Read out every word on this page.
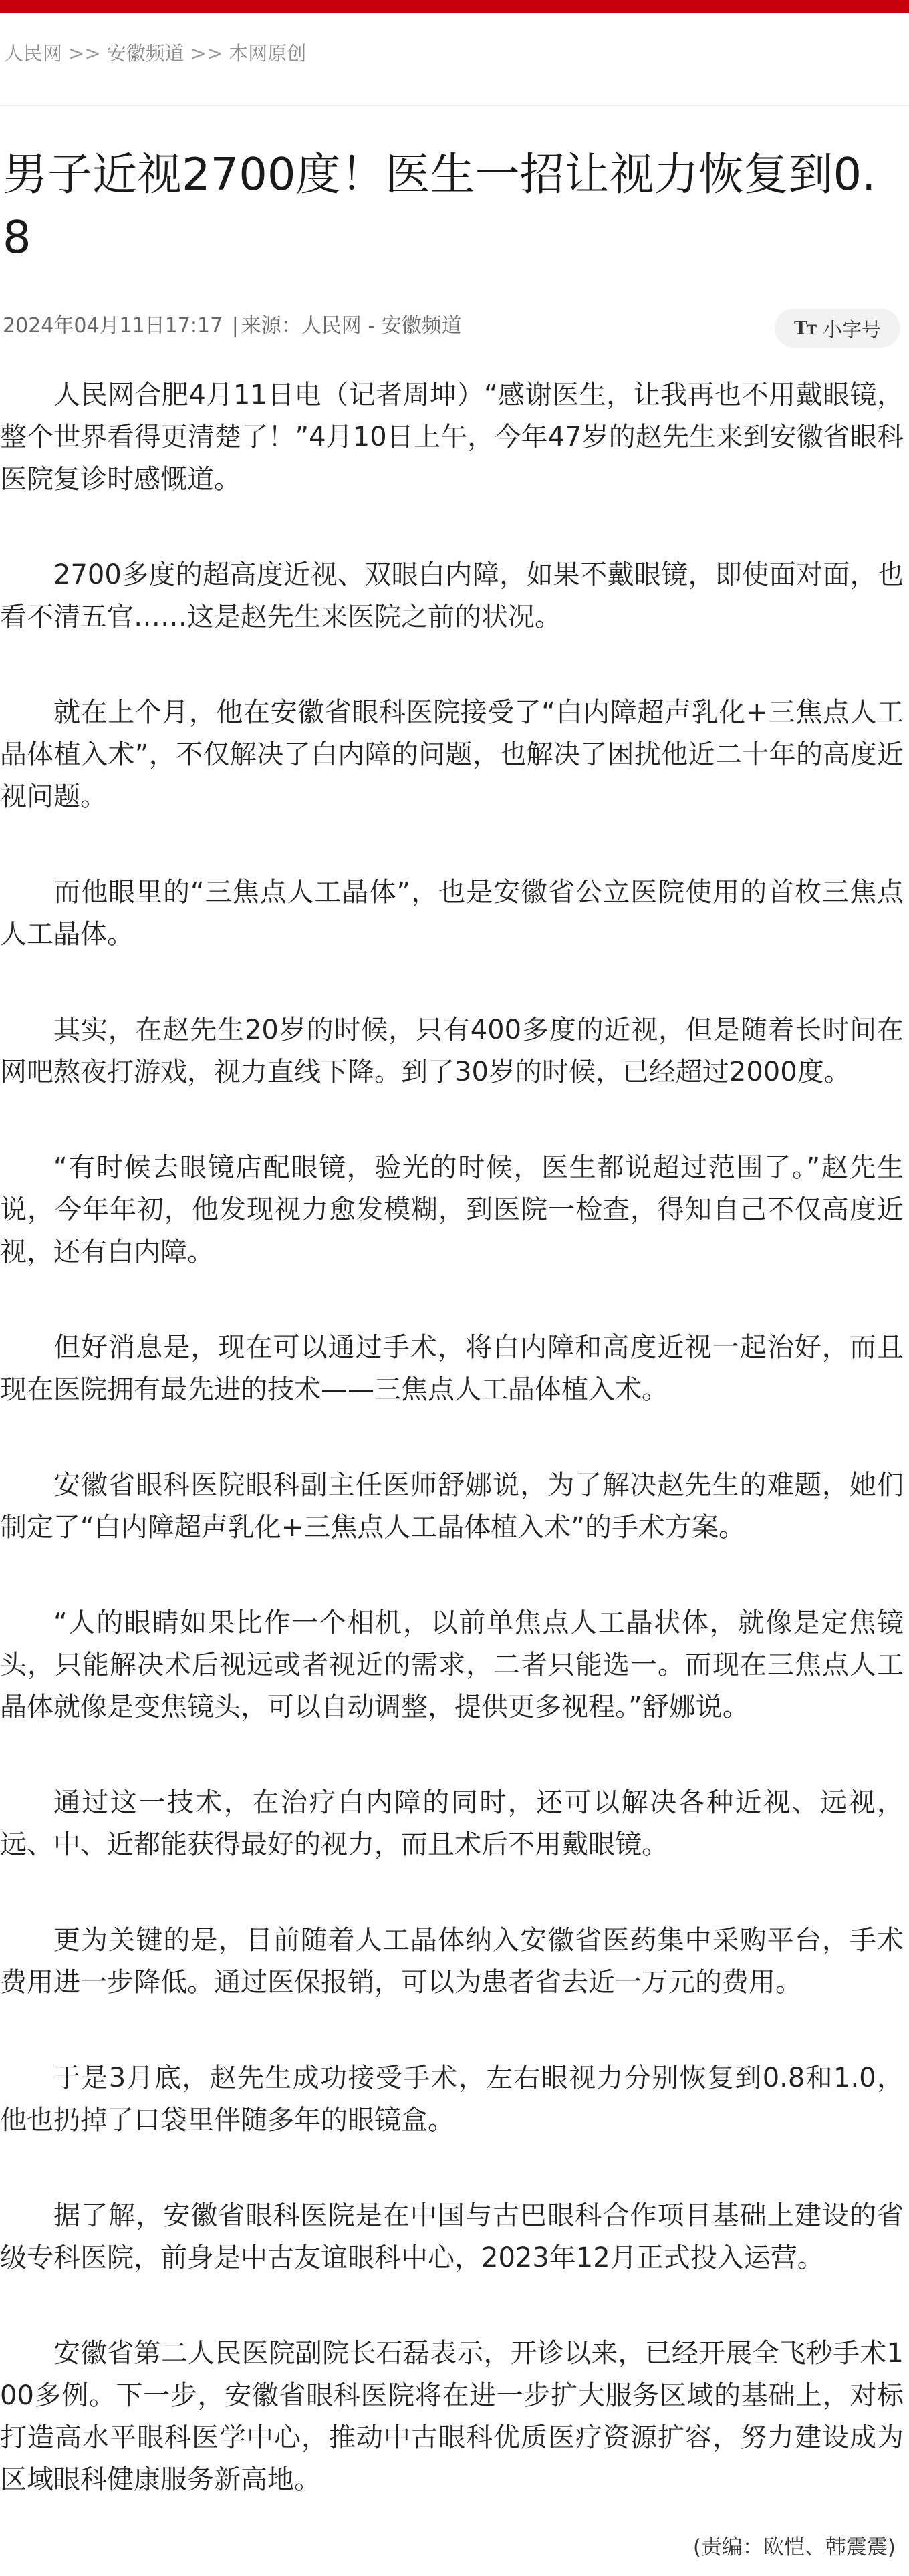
人民网 >> 安徽频道 >> 本网原创
男子近视2700度！医生一招让视力恢复到0.8
2024年04月11日17:17 | 来源：人民网 - 安徽频道	TT 小字号

人民网合肥4月11日电（记者周坤）“感谢医生，让我再也不用戴眼镜，整个世界看得更清楚了！”4月10日上午，今年47岁的赵先生来到安徽省眼科医院复诊时感慨道。

2700多度的超高度近视、双眼白内障，如果不戴眼镜，即使面对面，也看不清五官……这是赵先生来医院之前的状况。

就在上个月，他在安徽省眼科医院接受了“白内障超声乳化+三焦点人工晶体植入术”，不仅解决了白内障的问题，也解决了困扰他近二十年的高度近视问题。

而他眼里的“三焦点人工晶体”，也是安徽省公立医院使用的首枚三焦点人工晶体。

其实，在赵先生20岁的时候，只有400多度的近视，但是随着长时间在网吧熬夜打游戏，视力直线下降。到了30岁的时候，已经超过2000度。

“有时候去眼镜店配眼镜，验光的时候，医生都说超过范围了。”赵先生说，今年年初，他发现视力愈发模糊，到医院一检查，得知自己不仅高度近视，还有白内障。

但好消息是，现在可以通过手术，将白内障和高度近视一起治好，而且现在医院拥有最先进的技术——三焦点人工晶体植入术。

安徽省眼科医院眼科副主任医师舒娜说，为了解决赵先生的难题，她们制定了“白内障超声乳化+三焦点人工晶体植入术”的手术方案。

“人的眼睛如果比作一个相机，以前单焦点人工晶状体，就像是定焦镜头，只能解决术后视远或者视近的需求，二者只能选一。而现在三焦点人工晶体就像是变焦镜头，可以自动调整，提供更多视程。”舒娜说。

通过这一技术，在治疗白内障的同时，还可以解决各种近视、远视，远、中、近都能获得最好的视力，而且术后不用戴眼镜。

更为关键的是，目前随着人工晶体纳入安徽省医药集中采购平台，手术费用进一步降低。通过医保报销，可以为患者省去近一万元的费用。

于是3月底，赵先生成功接受手术，左右眼视力分别恢复到0.8和1.0，他也扔掉了口袋里伴随多年的眼镜盒。

据了解，安徽省眼科医院是在中国与古巴眼科合作项目基础上建设的省级专科医院，前身是中古友谊眼科中心，2023年12月正式投入运营。

安徽省第二人民医院副院长石磊表示，开诊以来，已经开展全飞秒手术100多例。下一步，安徽省眼科医院将在进一步扩大服务区域的基础上，对标打造高水平眼科医学中心，推动中古眼科优质医疗资源扩容，努力建设成为区域眼科健康服务新高地。

(责编：欧恺、韩震震)
